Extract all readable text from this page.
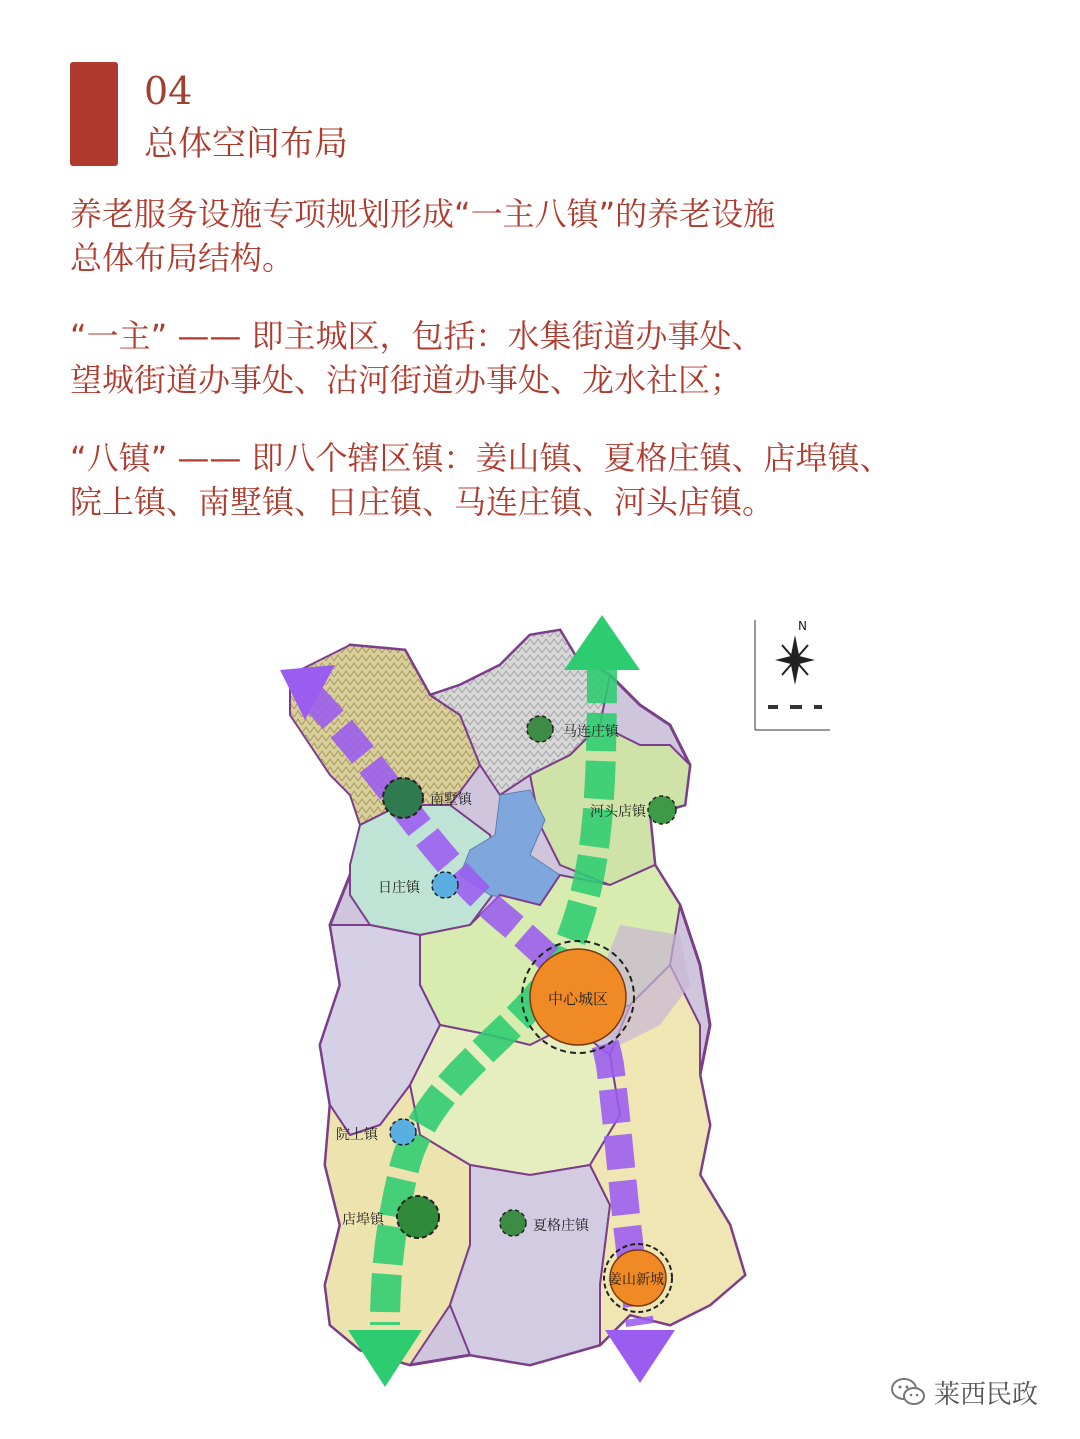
04
总体空间布局

养老服务设施专项规划形成“一主八镇”的养老设施
总体布局结构。

“一主” —— 即主城区，包括：水集街道办事处、
望城街道办事处、沽河街道办事处、龙水社区；

“八镇” —— 即八个辖区镇：姜山镇、夏格庄镇、店埠镇、
院上镇、南墅镇、日庄镇、马连庄镇、河头店镇。

N
马连庄镇
南墅镇
河头店镇
日庄镇
中心城区
院上镇
店埠镇	夏格庄镇
姜山新城
莱西民政
